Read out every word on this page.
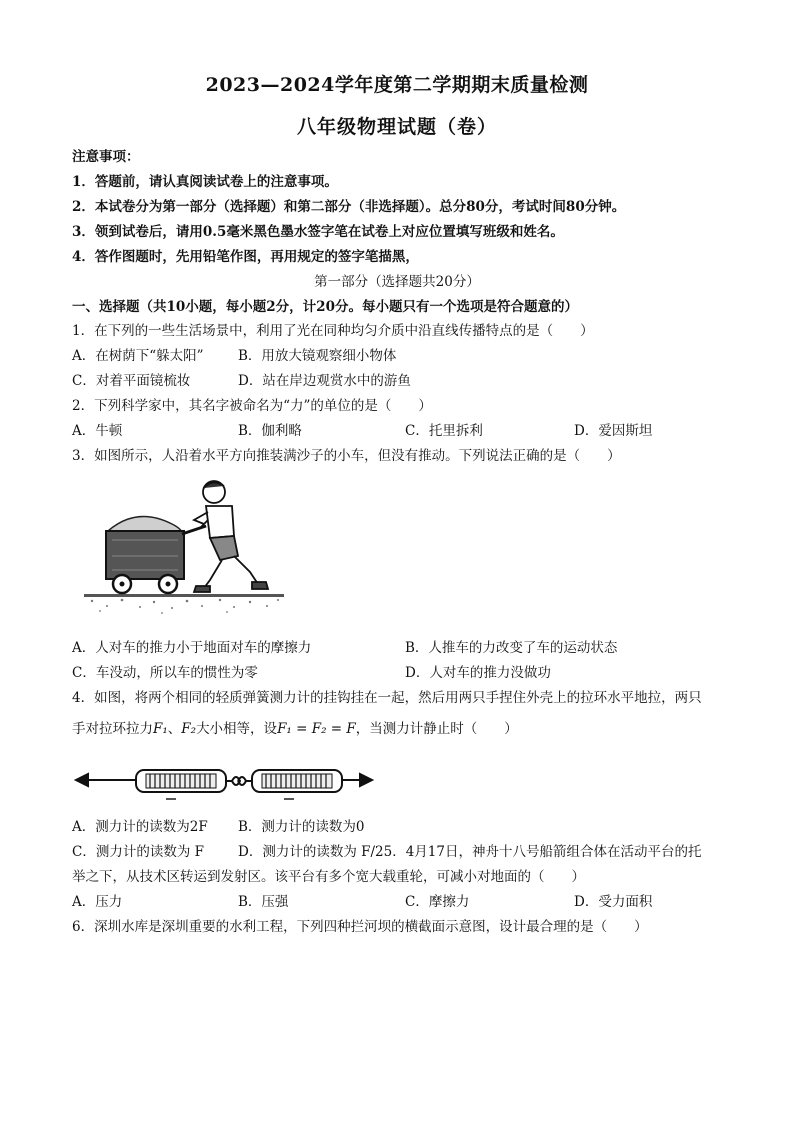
2023—2024学年度第二学期期末质量检测
八年级物理试题（卷）
注意事项：
1．答题前，请认真阅读试卷上的注意事项。
2．本试卷分为第一部分（选择题）和第二部分（非选择题）。总分80分，考试时间80分钟。
3．领到试卷后，请用0.5毫米黑色墨水签字笔在试卷上对应位置填写班级和姓名。
4．答作图题时，先用铅笔作图，再用规定的签字笔描黑，
第一部分（选择题共20分）
一、选择题（共10小题，每小题2分，计20分。每小题只有一个选项是符合题意的）
1．在下列的一些生活场景中，利用了光在同种均匀介质中沿直线传播特点的是（　　）
A．在树荫下“躲太阳”	B．用放大镜观察细小物体
C．对着平面镜梳妆	D．站在岸边观赏水中的游鱼
2．下列科学家中，其名字被命名为“力”的单位的是（　　）
A．牛顿	B．伽利略	C．托里拆利	D．爱因斯坦
3．如图所示，人沿着水平方向推装满沙子的小车，但没有推动。下列说法正确的是（　　）
A．人对车的推力小于地面对车的摩擦力	B．人推车的力改变了车的运动状态
C．车没动，所以车的惯性为零	D．人对车的推力没做功
4．如图，将两个相同的轻质弹簧测力计的挂钩挂在一起，然后用两只手捏住外壳上的拉环水平地拉，两只
手对拉环拉力F₁、F₂大小相等，设F₁ = F₂ = F，当测力计静止时（　　）
A．测力计的读数为2F B．测力计的读数为0
C．测力计的读数为 F	D．测力计的读数为 F/25．4月17日，神舟十八号船箭组合体在活动平台的托
举之下，从技术区转运到发射区。该平台有多个宽大载重轮，可减小对地面的（　　）
A．压力	B．压强	C．摩擦力	D．受力面积
6．深圳水库是深圳重要的水利工程，下列四种拦河坝的横截面示意图，设计最合理的是（　　）
